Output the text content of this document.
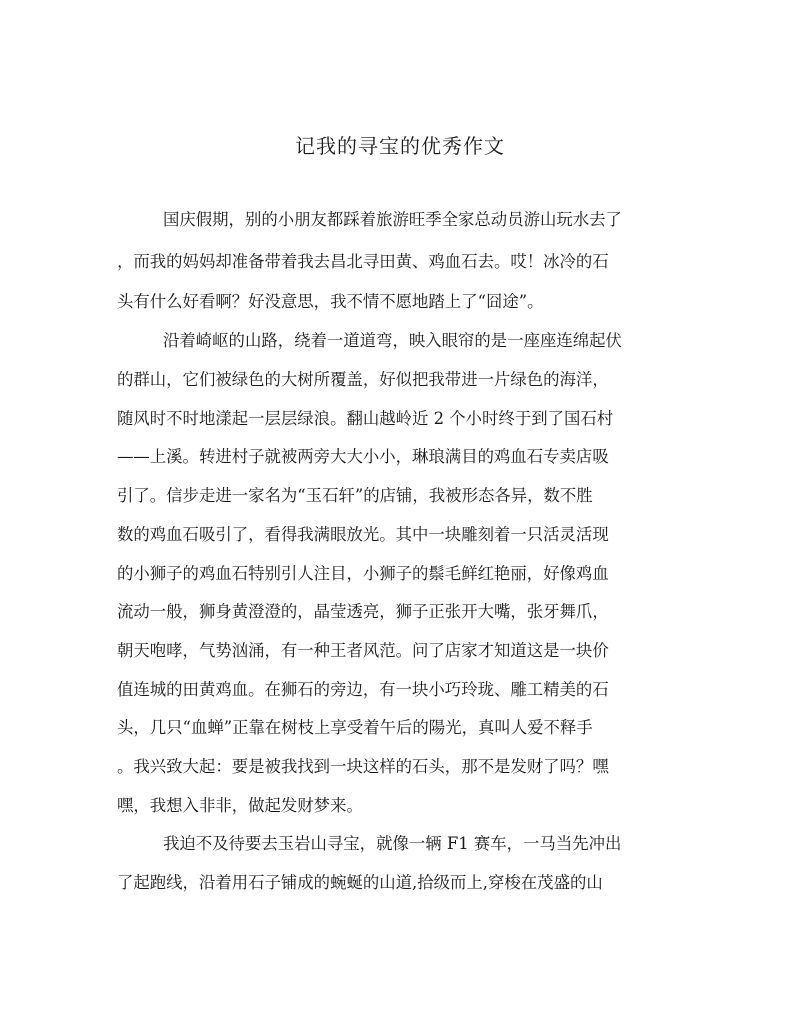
记我的寻宝的优秀作文

国庆假期，别的小朋友都踩着旅游旺季全家总动员游山玩水去了

，而我的妈妈却准备带着我去昌北寻田黄、鸡血石去。哎！冰冷的石

头有什么好看啊？好没意思，我不情不愿地踏上了“囧途”。

沿着崎岖的山路，绕着一道道弯，映入眼帘的是一座座连绵起伏

的群山，它们被绿色的大树所覆盖，好似把我带进一片绿色的海洋，

随风时不时地漾起一层层绿浪。翻山越岭近 2 个小时终于到了国石村

——上溪。转进村子就被两旁大大小小，琳琅满目的鸡血石专卖店吸

引了。信步走进一家名为“玉石轩”的店铺，我被形态各异，数不胜

数的鸡血石吸引了，看得我满眼放光。其中一块雕刻着一只活灵活现

的小狮子的鸡血石特别引人注目，小狮子的鬃毛鲜红艳丽，好像鸡血

流动一般，狮身黄澄澄的，晶莹透亮，狮子正张开大嘴，张牙舞爪，

朝天咆哮，气势汹涌，有一种王者风范。问了店家才知道这是一块价

值连城的田黄鸡血。在狮石的旁边，有一块小巧玲珑、雕工精美的石

头，几只“血蝉”正靠在树枝上享受着午后的陽光，真叫人爱不释手

。我兴致大起：要是被我找到一块这样的石头，那不是发财了吗？嘿

嘿，我想入非非，做起发财梦来。

我迫不及待要去玉岩山寻宝，就像一辆 F1 赛车，一马当先冲出

了起跑线，沿着用石子铺成的蜿蜒的山道,拾级而上,穿梭在茂盛的山
